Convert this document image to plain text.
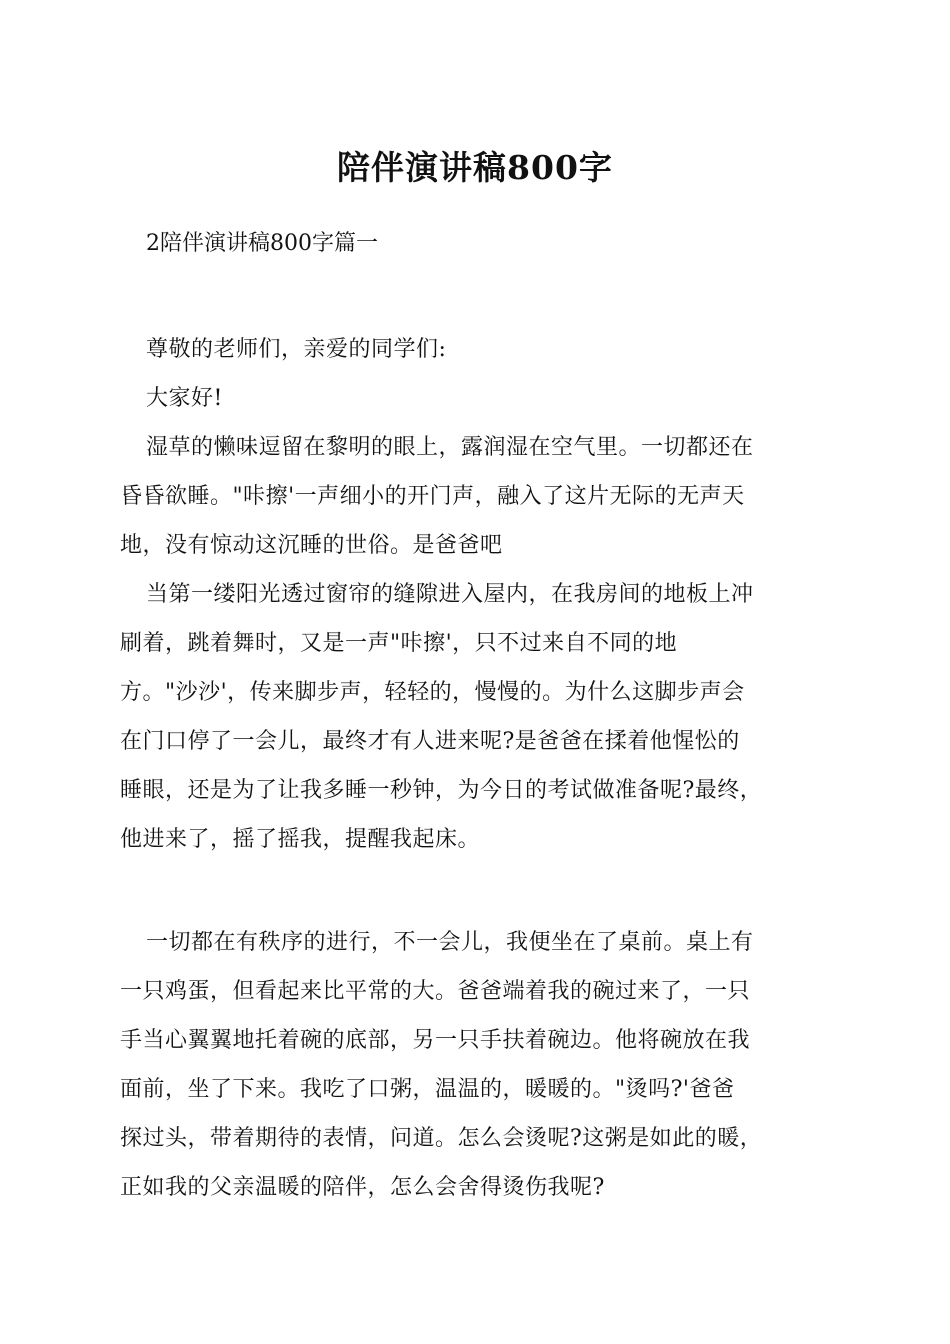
陪伴演讲稿800字
2陪伴演讲稿800字篇一
尊敬的老师们，亲爱的同学们:
大家好!
湿草的懒味逗留在黎明的眼上，露润湿在空气里。一切都还在
昏昏欲睡。"咔擦'一声细小的开门声，融入了这片无际的无声天
地，没有惊动这沉睡的世俗。是爸爸吧
当第一缕阳光透过窗帘的缝隙进入屋内，在我房间的地板上冲
刷着，跳着舞时，又是一声"咔擦'，只不过来自不同的地
方。"沙沙'，传来脚步声，轻轻的，慢慢的。为什么这脚步声会
在门口停了一会儿，最终才有人进来呢?是爸爸在揉着他惺忪的
睡眼，还是为了让我多睡一秒钟，为今日的考试做准备呢?最终，
他进来了，摇了摇我，提醒我起床。
一切都在有秩序的进行，不一会儿，我便坐在了桌前。桌上有
一只鸡蛋，但看起来比平常的大。爸爸端着我的碗过来了，一只
手当心翼翼地托着碗的底部，另一只手扶着碗边。他将碗放在我
面前，坐了下来。我吃了口粥，温温的，暖暖的。"烫吗?'爸爸
探过头，带着期待的表情，问道。怎么会烫呢?这粥是如此的暖，
正如我的父亲温暖的陪伴，怎么会舍得烫伤我呢?
